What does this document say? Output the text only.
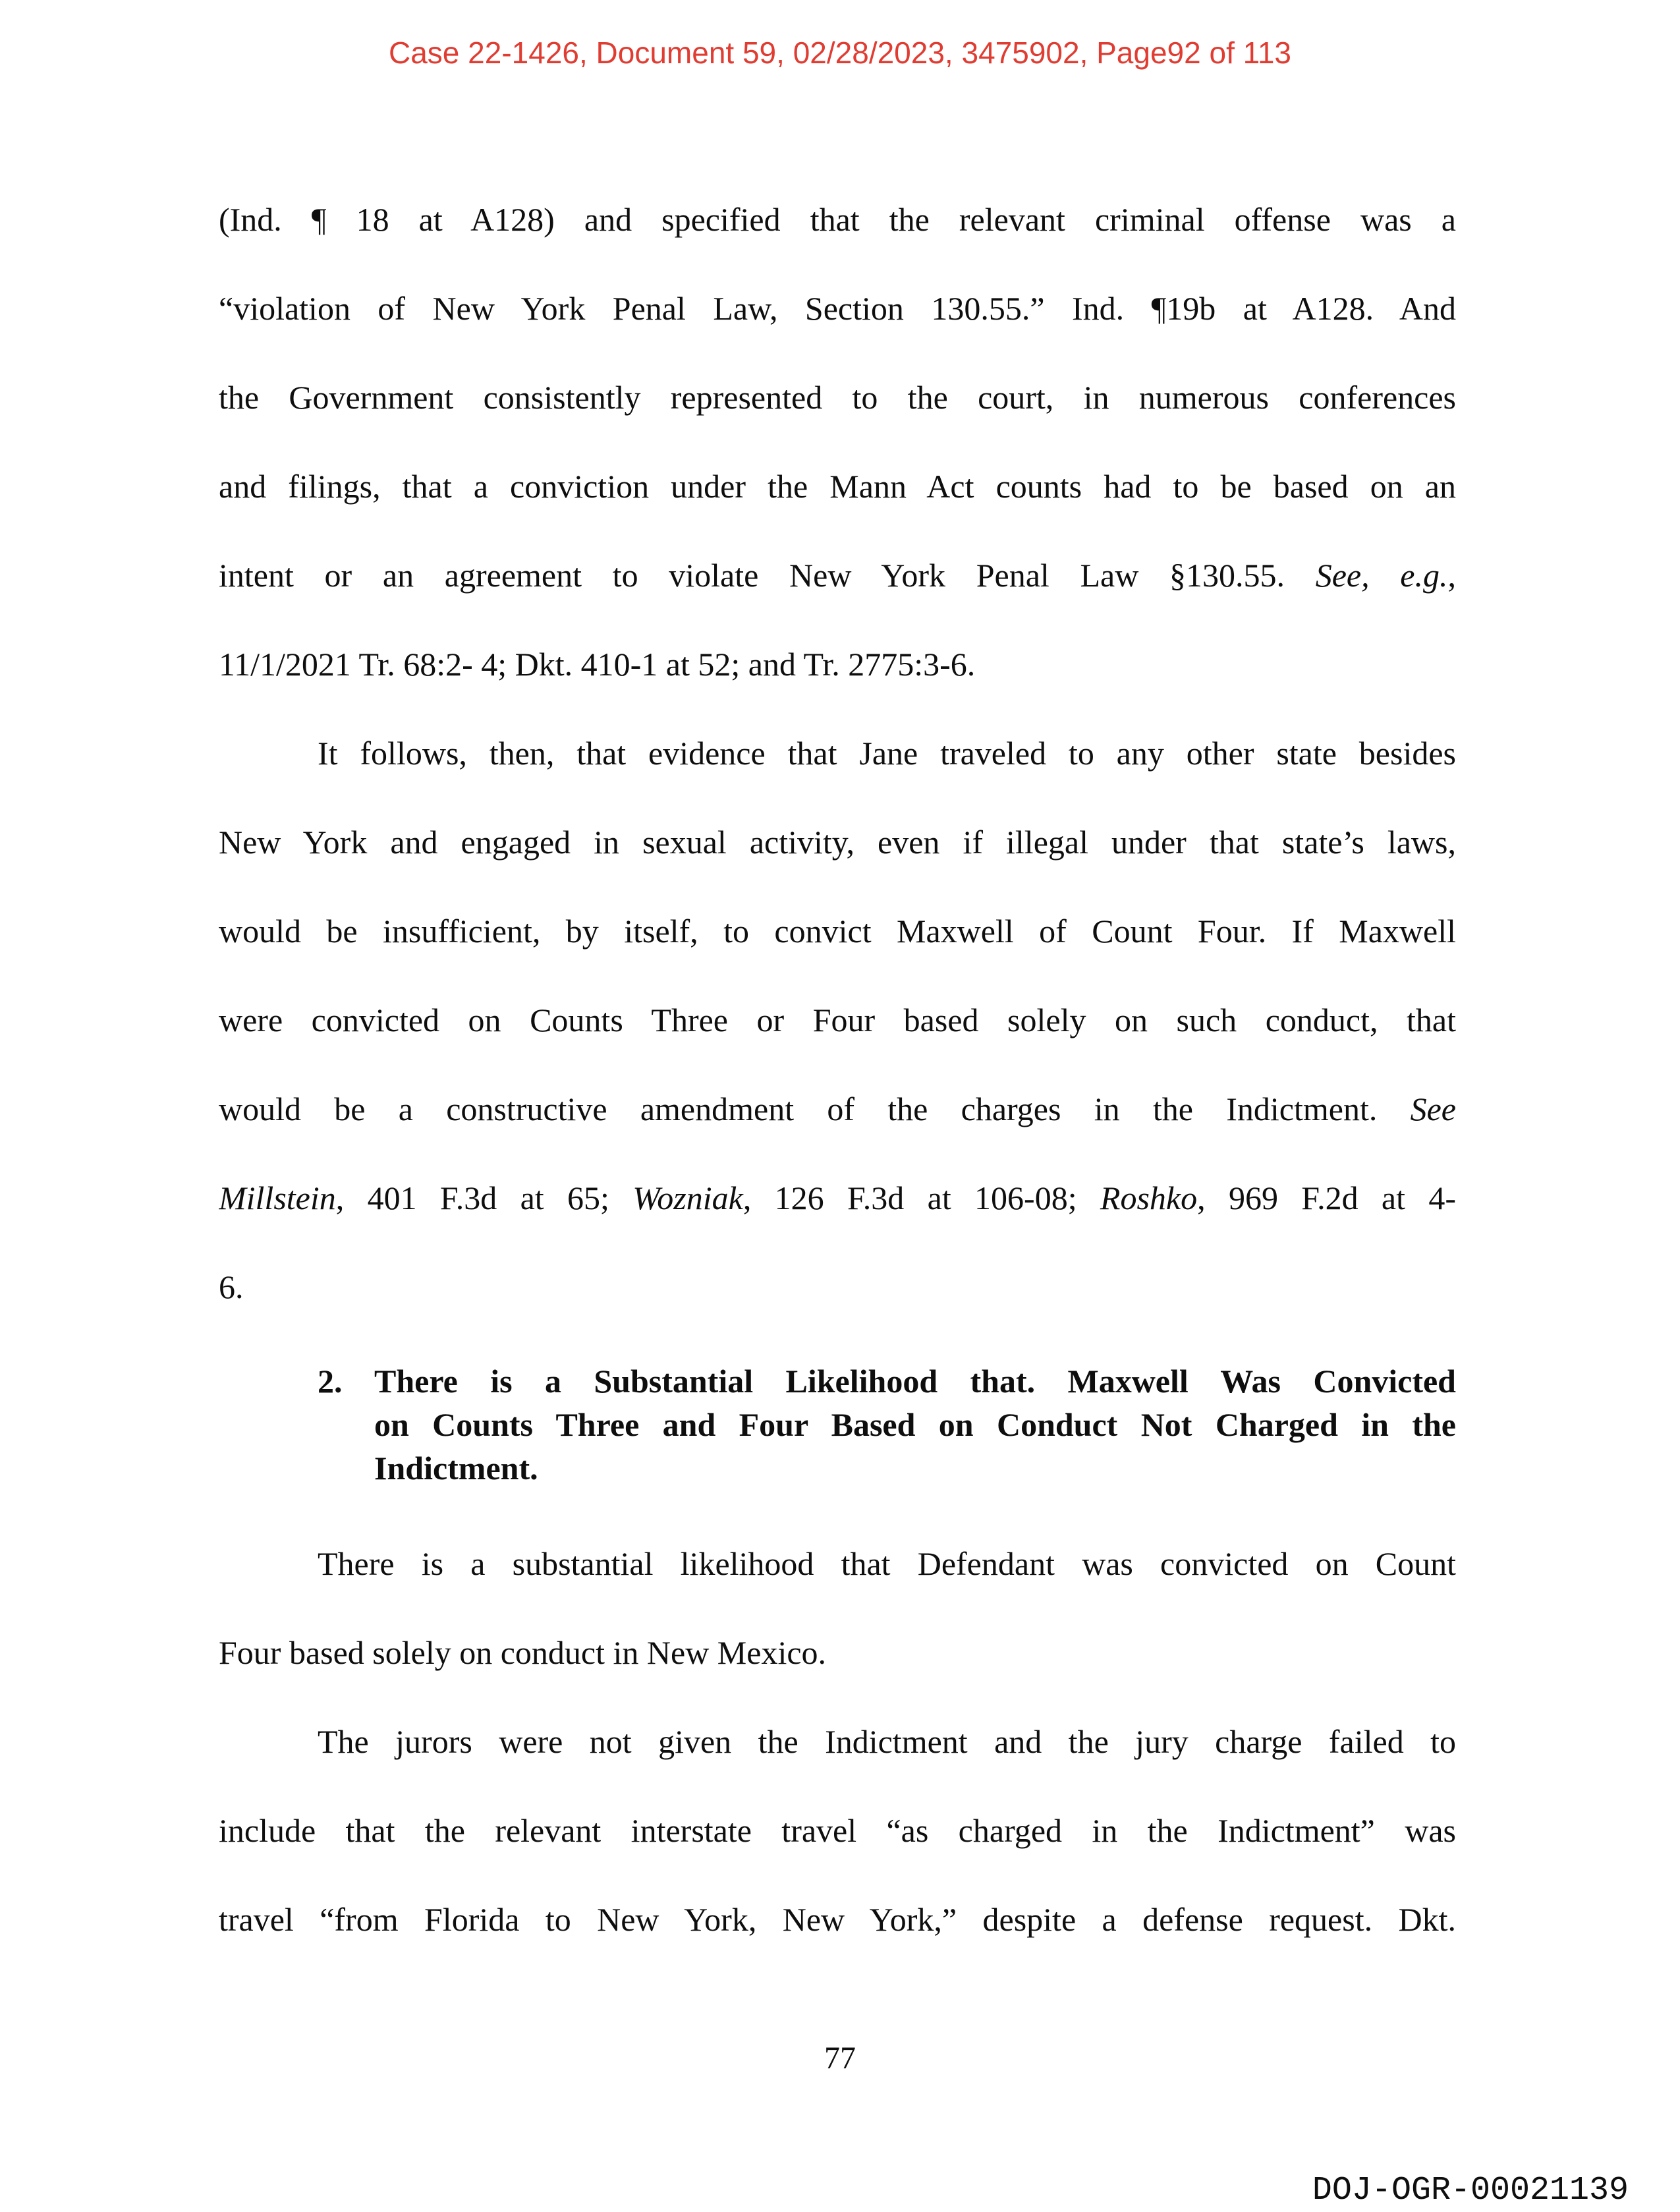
Case 22-1426, Document 59, 02/28/2023, 3475902, Page92 of 113
(Ind. ¶ 18 at A128) and specified that the relevant criminal offense was a
“violation of New York Penal Law, Section 130.55.” Ind. ¶19b at A128. And
the Government consistently represented to the court, in numerous conferences
and filings, that a conviction under the Mann Act counts had to be based on an
intent or an agreement to violate New York Penal Law §130.55. See, e.g.,
11/1/2021 Tr. 68:2- 4; Dkt. 410-1 at 52; and Tr. 2775:3-6.
It follows, then, that evidence that Jane traveled to any other state besides
New York and engaged in sexual activity, even if illegal under that state’s laws,
would be insufficient, by itself, to convict Maxwell of Count Four. If Maxwell
were convicted on Counts Three or Four based solely on such conduct, that
would be a constructive amendment of the charges in the Indictment. See
Millstein, 401 F.3d at 65; Wozniak, 126 F.3d at 106-08; Roshko, 969 F.2d at 4-
6.
2. There is a Substantial Likelihood that. Maxwell Was Convicted
on Counts Three and Four Based on Conduct Not Charged in the
Indictment.
There is a substantial likelihood that Defendant was convicted on Count
Four based solely on conduct in New Mexico.
The jurors were not given the Indictment and the jury charge failed to
include that the relevant interstate travel “as charged in the Indictment” was
travel “from Florida to New York, New York,” despite a defense request. Dkt.
77
DOJ-OGR-00021139
